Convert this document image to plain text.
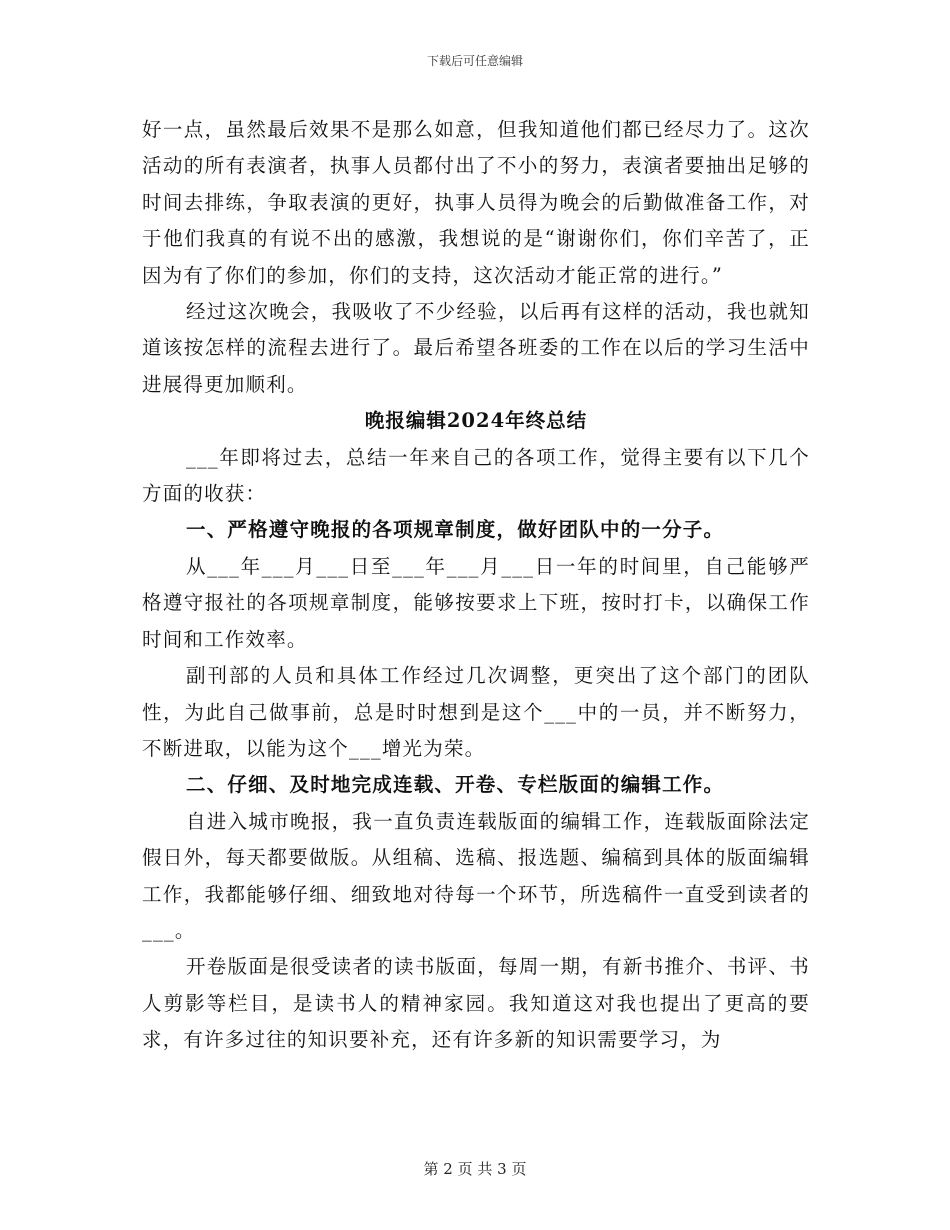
下载后可任意编辑

好一点，虽然最后效果不是那么如意，但我知道他们都已经尽力了。这次活动的所有表演者，执事人员都付出了不小的努力，表演者要抽出足够的时间去排练，争取表演的更好，执事人员得为晚会的后勤做准备工作，对于他们我真的有说不出的感激，我想说的是“谢谢你们，你们辛苦了，正因为有了你们的参加，你们的支持，这次活动才能正常的进行。”

经过这次晚会，我吸收了不少经验，以后再有这样的活动，我也就知道该按怎样的流程去进行了。最后希望各班委的工作在以后的学习生活中进展得更加顺利。

晚报编辑2024年终总结

___年即将过去，总结一年来自己的各项工作，觉得主要有以下几个方面的收获：

一、严格遵守晚报的各项规章制度，做好团队中的一分子。

从___年___月___日至___年___月___日一年的时间里，自己能够严格遵守报社的各项规章制度，能够按要求上下班，按时打卡，以确保工作时间和工作效率。

副刊部的人员和具体工作经过几次调整，更突出了这个部门的团队性，为此自己做事前，总是时时想到是这个___中的一员，并不断努力，不断进取，以能为这个___增光为荣。

二、仔细、及时地完成连载、开卷、专栏版面的编辑工作。

自进入城市晚报，我一直负责连载版面的编辑工作，连载版面除法定假日外，每天都要做版。从组稿、选稿、报选题、编稿到具体的版面编辑工作，我都能够仔细、细致地对待每一个环节，所选稿件一直受到读者的___。

开卷版面是很受读者的读书版面，每周一期，有新书推介、书评、书人剪影等栏目，是读书人的精神家园。我知道这对我也提出了更高的要求，有许多过往的知识要补充，还有许多新的知识需要学习，为

第 2 页 共 3 页
